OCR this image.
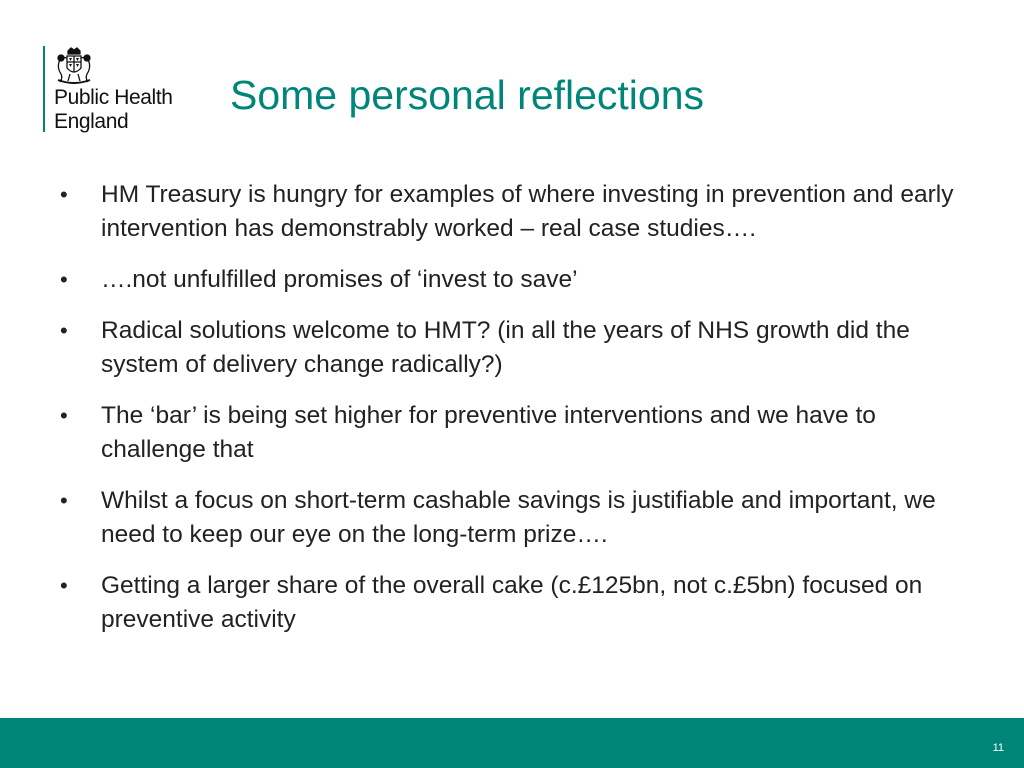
Public Health
England
Some personal reflections
•	HM Treasury is hungry for examples of where investing in prevention and early intervention has demonstrably worked – real case studies….
•	….not unfulfilled promises of ‘invest to save’
•	Radical solutions welcome to HMT? (in all the years of NHS growth did the system of delivery change radically?)
•	The ‘bar’ is being set higher for preventive interventions and we have to challenge that
•	Whilst a focus on short-term cashable savings is justifiable and important, we need to keep our eye on the long-term prize….
•	Getting a larger share of the overall cake (c.£125bn, not c.£5bn) focused on preventive activity
11
